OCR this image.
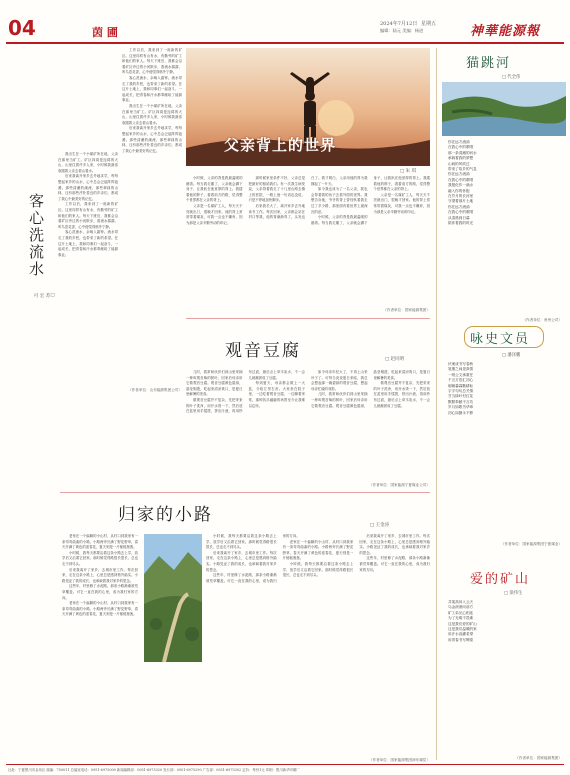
04	茵 圃
2024年7月12日 星期五
编辑：陆元 美编：杨进	神華能源報
客心洗流水
□ 苏宏可

我出生在一个小煤矿所在地，父亲在那里当矿工。矿区四周是连绵的大山，山里住着许多人家，小时候我最喜欢跟着父亲去看山看水。

后来我离开家乡去外地求学，每每想起家乡的山水，心中总会泛起阵阵涟漪。那些清澈的溪流，那些翠绿的山林，还有那些淳朴善良的乡亲们，都成了我心中最美好的记忆。

工作以后，我来到了一座新的矿区。这里同样有山有水，有勤劳的矿工和他们的家人。每天下班后，我都会沿着矿区旁边的小河散步，看流水潺潺，听鸟语花香，心中便觉得格外宁静。

客心洗流水，余响入霜钟。流水带走了我的乡愁，也带来了新的希望。在这片土地上，我和同事们一起奋斗，一起成长，把青春和汗水都奉献给了能源事业。

工作以后，我来到了一座新的矿区。这里同样有山有水，有勤劳的矿工和他们的家人。每天下班后，我都会沿着矿区旁边的小河散步，看流水潺潺，听鸟语花香，心中便觉得格外宁静。

客心洗流水，余响入霜钟。流水带走了我的乡愁，也带来了新的希望。在这片土地上，我和同事们一起奋斗，一起成长，把青春和汗水都奉献给了能源事业。

我出生在一个小煤矿所在地，父亲在那里当矿工。矿区四周是连绵的大山，山里住着许多人家，小时候我最喜欢跟着父亲去看山看水。

后来我离开家乡去外地求学，每每想起家乡的山水，心中总会泛起阵阵涟漪。那些清澈的溪流，那些翠绿的山林，还有那些淳朴善良的乡亲们，都成了我心中最美好的记忆。

（作者单位：山东能源集团公司）
父亲背上的世界
□ 朱 琪

小时候，父亲的背是我最温暖的港湾。每当我走累了，父亲就会蹲下身子，让我趴在他宽厚的背上。我搂着他的脖子，看着前方的路，觉得整个世界都在父亲的背上。

父亲是一名煤矿工人，每天天不亮就出门，很晚才回家。他的背上常常带着煤灰，可我一点也不嫌弃，因为那是父亲辛勤劳动的印记。

那时候家里条件不好，父亲总是把最好的留给我们。有一次我生病发烧，父亲背着我走了十几里山路去镇上的医院，一路上他一句话也没说，只是不停地加快脚步。

后来我长大了，离开家乡去外地读书工作。每次回家，父亲都会站在村口等我，他的背渐渐弯了，头发也白了。我才明白，父亲用他的背为我撑起了一片天。

如今我也成为了一名父亲，我也会背着我的孩子去看外面的世界。我想告诉他，爷爷的背上曾经驮着我走过了多少路，那里面有着世界上最深沉的爱。

小时候，父亲的背是我最温暖的港湾。每当我走累了，父亲就会蹲下身子，让我趴在他宽厚的背上。我搂着他的脖子，看着前方的路，觉得整个世界都在父亲的背上。

父亲是一名煤矿工人，每天天不亮就出门，很晚才回家。他的背上常常带着煤灰，可我一点也不嫌弃，因为那是父亲辛勤劳动的印记。

（作者单位：国家能源集团）
观音豆腐	□ 赵同明

儿时，我常和伙伴们到山里采摘一种叫观音柴的树叶，回家后母亲用它做观音豆腐。观音豆腐颜色碧绿，晶莹剔透，吃起来清凉爽口，是夏日里解暑的美食。

做观音豆腐并不复杂，先把采来的叶子洗净，用开水烫一下，然后放在盆里用手揉搓，挤出汁液，再用纱布过滤，最后点上草木灰水，不一会儿就凝固成了豆腐。

每到夏天，母亲都会做上一大盆，分给左邻右舍。大家坐在院子里，一边吃着观音豆腐，一边聊着家常，那种其乐融融的场景至今让我难以忘怀。

如今母亲年纪大了，不再上山采叶子了。可每当炎炎夏日来临，我总会想起那一碗碧绿的观音豆腐，想起母亲忙碌的身影。

儿时，我常和伙伴们到山里采摘一种叫观音柴的树叶，回家后母亲用它做观音豆腐。观音豆腐颜色碧绿，晶莹剔透，吃起来清凉爽口，是夏日里解暑的美食。

做观音豆腐并不复杂，先把采来的叶子洗净，用开水烫一下，然后放在盆里用手揉搓，挤出汁液，再用纱布过滤，最后点上草木灰水，不一会儿就凝固成了豆腐。

（作者单位：国家能源宁夏煤业公司）
归家的小路
□ 王金涛

老家在一个偏僻的小山村，从村口到我家有一条弯弯曲曲的小路。小路两旁长满了野花野草，春天开满了黄色的迎春花，夏天则是一片郁郁葱葱。

小时候，我每天都要沿着这条小路去上学，放学后又沿着它回家。那时候觉得路很长很长，总也走不到尽头。

后来我离开了家乡，去城市里工作。每次回家，走在这条小路上，心里总是感到格外踏实。小路见证了我的成长，也承载着我对家乡的思念。

这些年，村里修了水泥路，那条小路渐渐被荒草覆盖。可它一直在我的心里，成为我归家的方向。

老家在一个偏僻的小山村，从村口到我家有一条弯弯曲曲的小路。小路两旁长满了野花野草，春天开满了黄色的迎春花，夏天则是一片郁郁葱葱。

小时候，我每天都要沿着这条小路去上学，放学后又沿着它回家。那时候觉得路很长很长，总也走不到尽头。

后来我离开了家乡，去城市里工作。每次回家，走在这条小路上，心里总是感到格外踏实。小路见证了我的成长，也承载着我对家乡的思念。

这些年，村里修了水泥路，那条小路渐渐被荒草覆盖。可它一直在我的心里，成为我归家的方向。

老家在一个偏僻的小山村，从村口到我家有一条弯弯曲曲的小路。小路两旁长满了野花野草，春天开满了黄色的迎春花，夏天则是一片郁郁葱葱。

小时候，我每天都要沿着这条小路去上学，放学后又沿着它回家。那时候觉得路很长很长，总也走不到尽头。

后来我离开了家乡，去城市里工作。每次回家，走在这条小路上，心里总是感到格外踏实。小路见证了我的成长，也承载着我对家乡的思念。

这些年，村里修了水泥路，那条小路渐渐被荒草覆盖。可它一直在我的心里，成为我归家的方向。

（作者单位：国家能源集团神东煤炭）
猫跳河
□ 代全伟
你在远方流淌
在我心中的歌唱
那一条清澈的河水
承载着我的梦想
山间的风吹过
带来了故乡的气息
你在远方流淌
在我心中的歌唱
我愿化作一滴水
融入你的怀抱
在岁月的长河里
守望着那片土地
你在远方流淌
在我心中的歌唱
从清晨到日暮
陪伴着我的时光
（作者单位：贵州公司）
咏史文员
□ 潘泽鹏
伏案成书写春秋
笔墨之间见真情
一纸公文承重任
千言万语汇初心
朝朝暮暮勤耕耘
字字句句总关情
甘当绿叶衬红花
默默奉献不言功
岁月如歌书华章
初心如磐永不移
（作者单位：国家能源集团宁夏煤业）
爱的矿山
□ 梁伟生
井架高耸入云天
乌金滚滚向前方
矿工弟兄心相连
为了光明不畏难
这是我们爱的矿山
这是我们温暖的家
用汗水浇灌希望
用青春书写辉煌
（作者单位：国家能源集团）
社址：宁夏银川市金凤区 邮编：750011 总编室电话：0951-6975000 新闻编辑部：0951-6975320 发行部：0951-6975290 广告部：0951-6975302 定价：每份1元 印刷：银川新华印刷厂
